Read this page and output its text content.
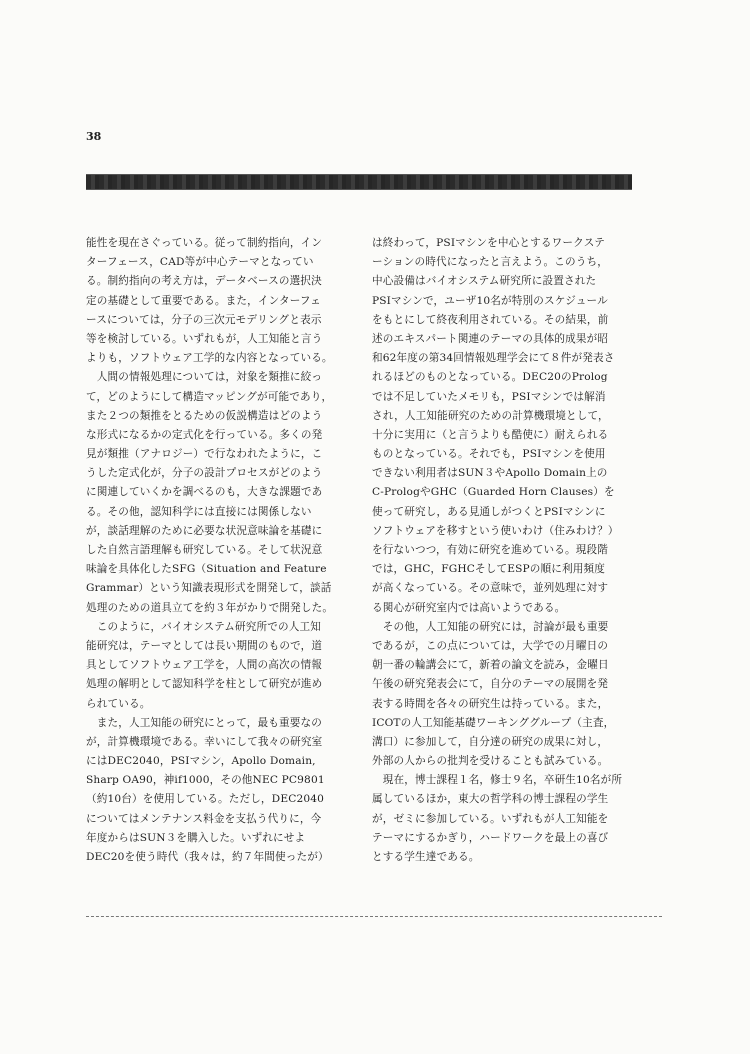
38
能性を現在さぐっている。従って制約指向，イン
ターフェース，CAD等が中心テーマとなってい
る。制約指向の考え方は，データベースの選択決
定の基礎として重要である。また，インターフェ
ースについては，分子の三次元モデリングと表示
等を検討している。いずれもが，人工知能と言う
よりも，ソフトウェア工学的な内容となっている。
　人間の情報処理については，対象を類推に絞っ
て，どのようにして構造マッピングが可能であり，
また２つの類推をとるための仮説構造はどのよう
な形式になるかの定式化を行っている。多くの発
見が類推（アナロジー）で行なわれたように，こ
うした定式化が，分子の設計プロセスがどのよう
に関連していくかを調べるのも，大きな課題であ
る。その他，認知科学には直接には関係しない
が，談話理解のために必要な状況意味論を基礎に
した自然言語理解も研究している。そして状況意
味論を具体化したSFG（Situation and Feature
Grammar）という知識表現形式を開発して，談話
処理のための道具立てを約３年がかりで開発した。
　このように，バイオシステム研究所での人工知
能研究は，テーマとしては長い期間のもので，道
具としてソフトウェア工学を，人間の高次の情報
処理の解明として認知科学を柱として研究が進め
られている。
　また，人工知能の研究にとって，最も重要なの
が，計算機環境である。幸いにして我々の研究室
にはDEC2040，PSIマシン，Apollo Domain,
Sharp OA90，神if1000，その他NEC PC9801
（約10台）を使用している。ただし，DEC2040
についてはメンテナンス料金を支払う代りに，今
年度からはSUN３を購入した。いずれにせよ
DEC20を使う時代（我々は，約７年間使ったが）
は終わって，PSIマシンを中心とするワークステ
ーションの時代になったと言えよう。このうち，
中心設備はバイオシステム研究所に設置された
PSIマシンで，ユーザ10名が特別のスケジュール
をもとにして終夜利用されている。その結果，前
述のエキスパート関連のテーマの具体的成果が昭
和62年度の第34回情報処理学会にて８件が発表さ
れるほどのものとなっている。DEC20のProlog
では不足していたメモリも，PSIマシンでは解消
され，人工知能研究のための計算機環境として，
十分に実用に（と言うよりも酷使に）耐えられる
ものとなっている。それでも，PSIマシンを使用
できない利用者はSUN３やApollo Domain上の
C-PrologやGHC（Guarded Horn Clauses）を
使って研究し，ある見通しがつくとPSIマシンに
ソフトウェアを移すという使いわけ（住みわけ？）
を行ないつつ，有効に研究を進めている。現段階
では，GHC，FGHCそしてESPの順に利用頻度
が高くなっている。その意味で，並列処理に対す
る関心が研究室内では高いようである。
　その他，人工知能の研究には，討論が最も重要
であるが，この点については，大学での月曜日の
朝一番の輪講会にて，新着の論文を読み，金曜日
午後の研究発表会にて，自分のテーマの展開を発
表する時間を各々の研究生は持っている。また，
ICOTの人工知能基礎ワーキンググループ（主査，
溝口）に参加して，自分達の研究の成果に対し，
外部の人からの批判を受けることも試みている。
　現在，博士課程１名，修士９名，卒研生10名が所
属しているほか，東大の哲学科の博士課程の学生
が，ゼミに参加している。いずれもが人工知能を
テーマにするかぎり，ハードワークを最上の喜び
とする学生達である。
